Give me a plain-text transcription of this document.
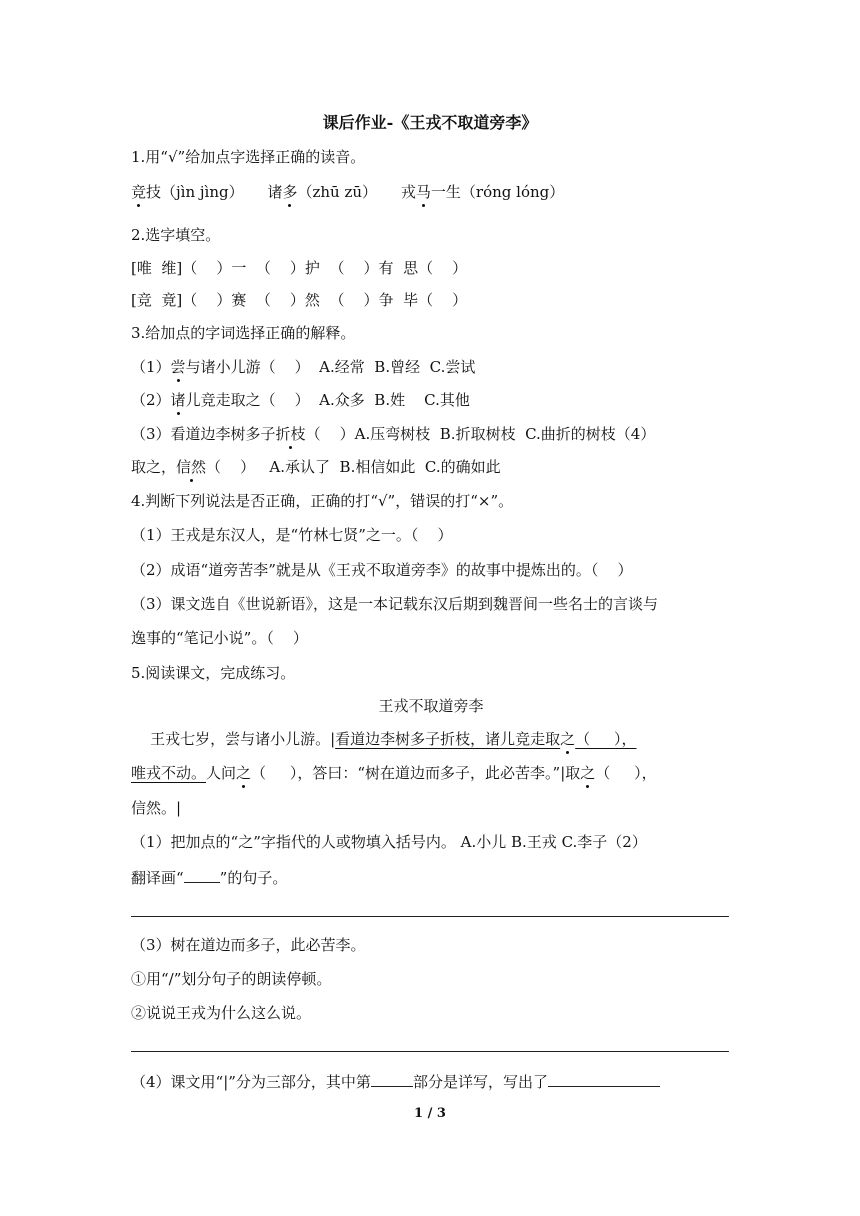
课后作业-《王戎不取道旁李》
1.用“√”给加点字选择正确的读音。
竞技（jìn jìng） 诸多（zhū zū） 戎马一生（róng lóng）
2.选字填空。
[唯  维]（    ）一  （    ）护  （    ）有  思（    ）
[竞  竟]（    ）赛  （    ）然  （    ）争  毕（    ）
3.给加点的字词选择正确的解释。
（1）尝与诸小儿游（    ）  A.经常  B.曾经  C.尝试
（2）诸儿竞走取之（    ）  A.众多  B.姓    C.其他
（3）看道边李树多子折枝（    ）A.压弯树枝  B.折取树枝  C.曲折的树枝（4）
取之，信然（    ）   A.承认了  B.相信如此  C.的确如此
4.判断下列说法是否正确，正确的打“√”，错误的打“×”。
（1）王戎是东汉人，是“竹林七贤”之一。（    ）
（2）成语“道旁苦李”就是从《王戎不取道旁李》的故事中提炼出的。（    ）
（3）课文选自《世说新语》，这是一本记载东汉后期到魏晋间一些名士的言谈与
逸事的“笔记小说”。（    ）
5.阅读课文，完成练习。
王戎不取道旁李
王戎七岁，尝与诸小儿游。|看道边李树多子折枝，诸儿竞走取之（     ），
唯戎不动。人问之（     ），答曰：“树在道边而多子，此必苦李。”|取之（     ），
信然。|
（1）把加点的“之”字指代的人或物填入括号内。 A.小儿 B.王戎 C.李子（2）
翻译画“ ”的句子。
（3）树在道边而多子，此必苦李。
①用“/”划分句子的朗读停顿。
②说说王戎为什么这么说。
（4）课文用“|”分为三部分，其中第	部分是详写，写出了
1 / 3
